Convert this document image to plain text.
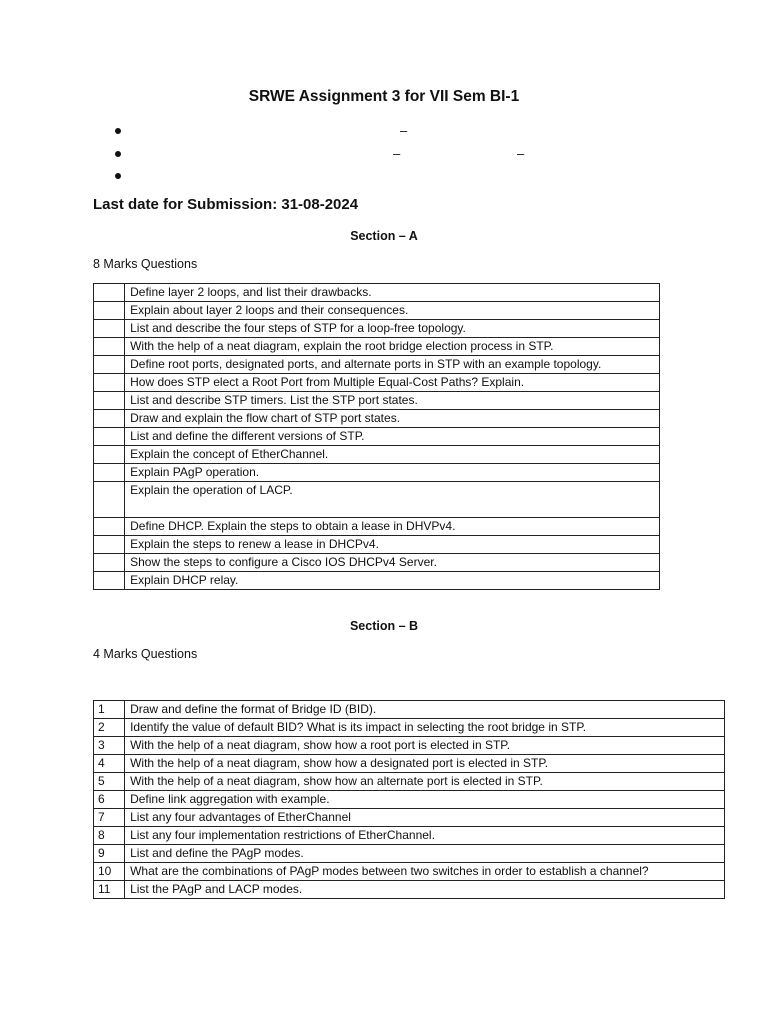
SRWE Assignment 3 for VII Sem BI-1
–
–	–
Last date for Submission: 31-08-2024
Section – A
8 Marks Questions
	Define layer 2 loops, and list their drawbacks.
	Explain about layer 2 loops and their consequences.
	List and describe the four steps of STP for a loop-free topology.
	With the help of a neat diagram, explain the root bridge election process in STP.
	Define root ports, designated ports, and alternate ports in STP with an example topology.
	How does STP elect a Root Port from Multiple Equal-Cost Paths? Explain.
	List and describe STP timers. List the STP port states.
	Draw and explain the flow chart of STP port states.
	List and define the different versions of STP.
	Explain the concept of EtherChannel.
	Explain PAgP operation.
	Explain the operation of LACP.
	Define DHCP. Explain the steps to obtain a lease in DHVPv4.
	Explain the steps to renew a lease in DHCPv4.
	Show the steps to configure a Cisco IOS DHCPv4 Server.
	Explain DHCP relay.
Section – B
4 Marks Questions
1	Draw and define the format of Bridge ID (BID).
2	Identify the value of default BID? What is its impact in selecting the root bridge in STP.
3	With the help of a neat diagram, show how a root port is elected in STP.
4	With the help of a neat diagram, show how a designated port is elected in STP.
5	With the help of a neat diagram, show how an alternate port is elected in STP.
6	Define link aggregation with example.
7	List any four advantages of EtherChannel
8	List any four implementation restrictions of EtherChannel.
9	List and define the PAgP modes.
10	What are the combinations of PAgP modes between two switches in order to establish a channel?
11	List the PAgP and LACP modes.
